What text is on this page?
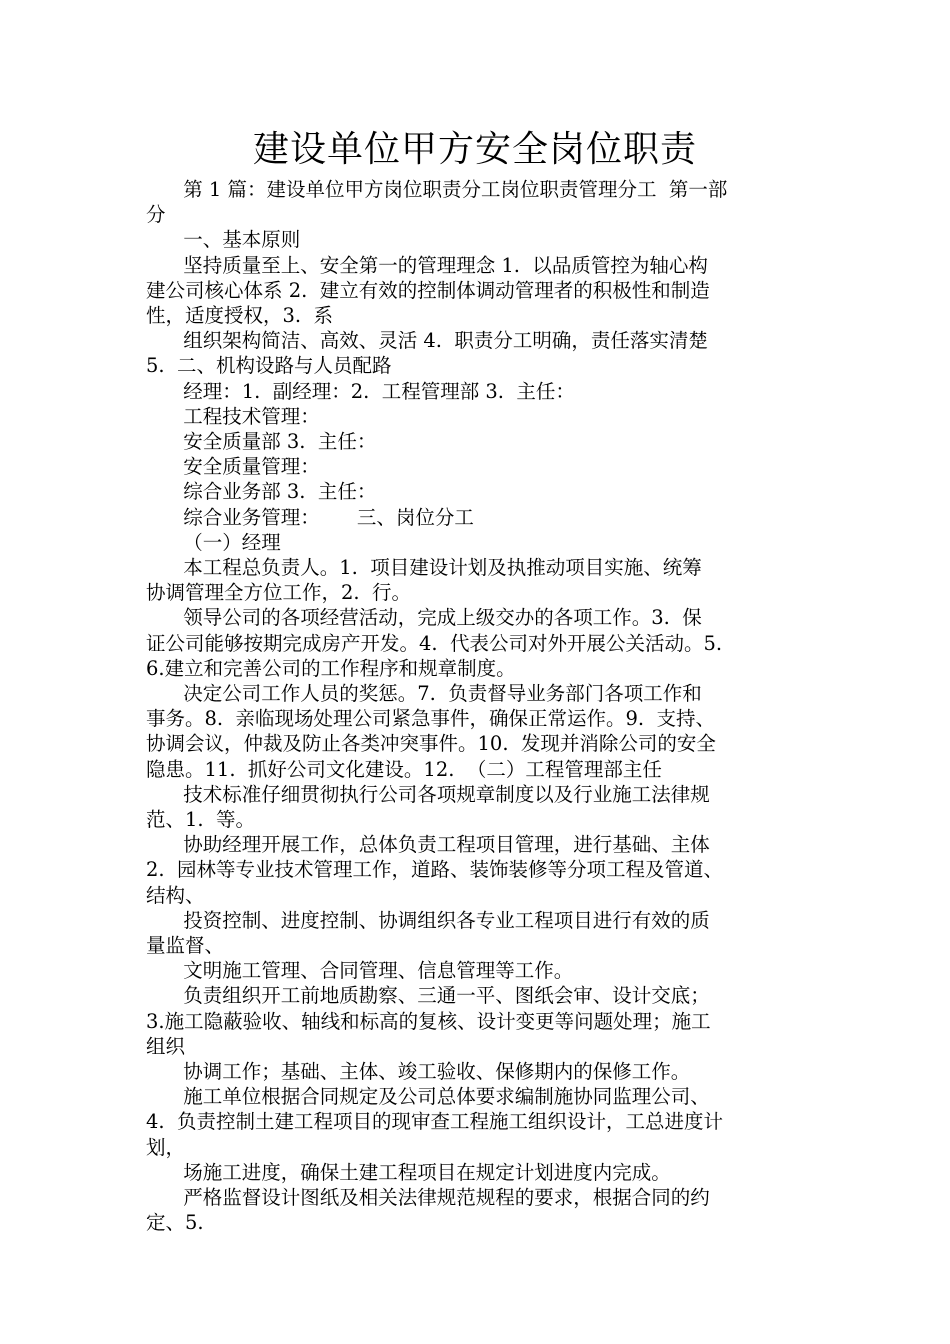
建设单位甲方安全岗位职责
第 1 篇：建设单位甲方岗位职责分工岗位职责管理分工  第一部
分
一、基本原则
坚持质量至上、安全第一的管理理念 1.  以品质管控为轴心构
建公司核心体系 2.  建立有效的控制体调动管理者的积极性和制造
性，适度授权，3.  系
组织架构简洁、高效、灵活 4.  职责分工明确，责任落实清楚
5.  二、机构设路与人员配路
经理：1.  副经理：2.  工程管理部 3.  主任：
工程技术管理：
安全质量部 3.  主任：
安全质量管理：
综合业务部 3.  主任：
综合业务管理：      三、岗位分工
（一）经理
本工程总负责人。1.  项目建设计划及执推动项目实施、统筹
协调管理全方位工作，2.  行。
领导公司的各项经营活动，完成上级交办的各项工作。3.  保
证公司能够按期完成房产开发。4.  代表公司对外开展公关活动。5.
6.建立和完善公司的工作程序和规章制度。
决定公司工作人员的奖惩。7.  负责督导业务部门各项工作和
事务。8.  亲临现场处理公司紧急事件，确保正常运作。9.  支持、
协调会议，仲裁及防止各类冲突事件。10.  发现并消除公司的安全
隐患。11.  抓好公司文化建设。12.  （二）工程管理部主任
技术标准仔细贯彻执行公司各项规章制度以及行业施工法律规
范、1.  等。
协助经理开展工作，总体负责工程项目管理，进行基础、主体
2.  园林等专业技术管理工作，道路、装饰装修等分项工程及管道、
结构、
投资控制、进度控制、协调组织各专业工程项目进行有效的质
量监督、
文明施工管理、合同管理、信息管理等工作。
负责组织开工前地质勘察、三通一平、图纸会审、设计交底；
3.施工隐蔽验收、轴线和标高的复核、设计变更等问题处理；施工
组织
协调工作；基础、主体、竣工验收、保修期内的保修工作。
施工单位根据合同规定及公司总体要求编制施协同监理公司、
4.  负责控制土建工程项目的现审查工程施工组织设计，工总进度计
划，
场施工进度，确保土建工程项目在规定计划进度内完成。
严格监督设计图纸及相关法律规范规程的要求，根据合同的约
定、5.
